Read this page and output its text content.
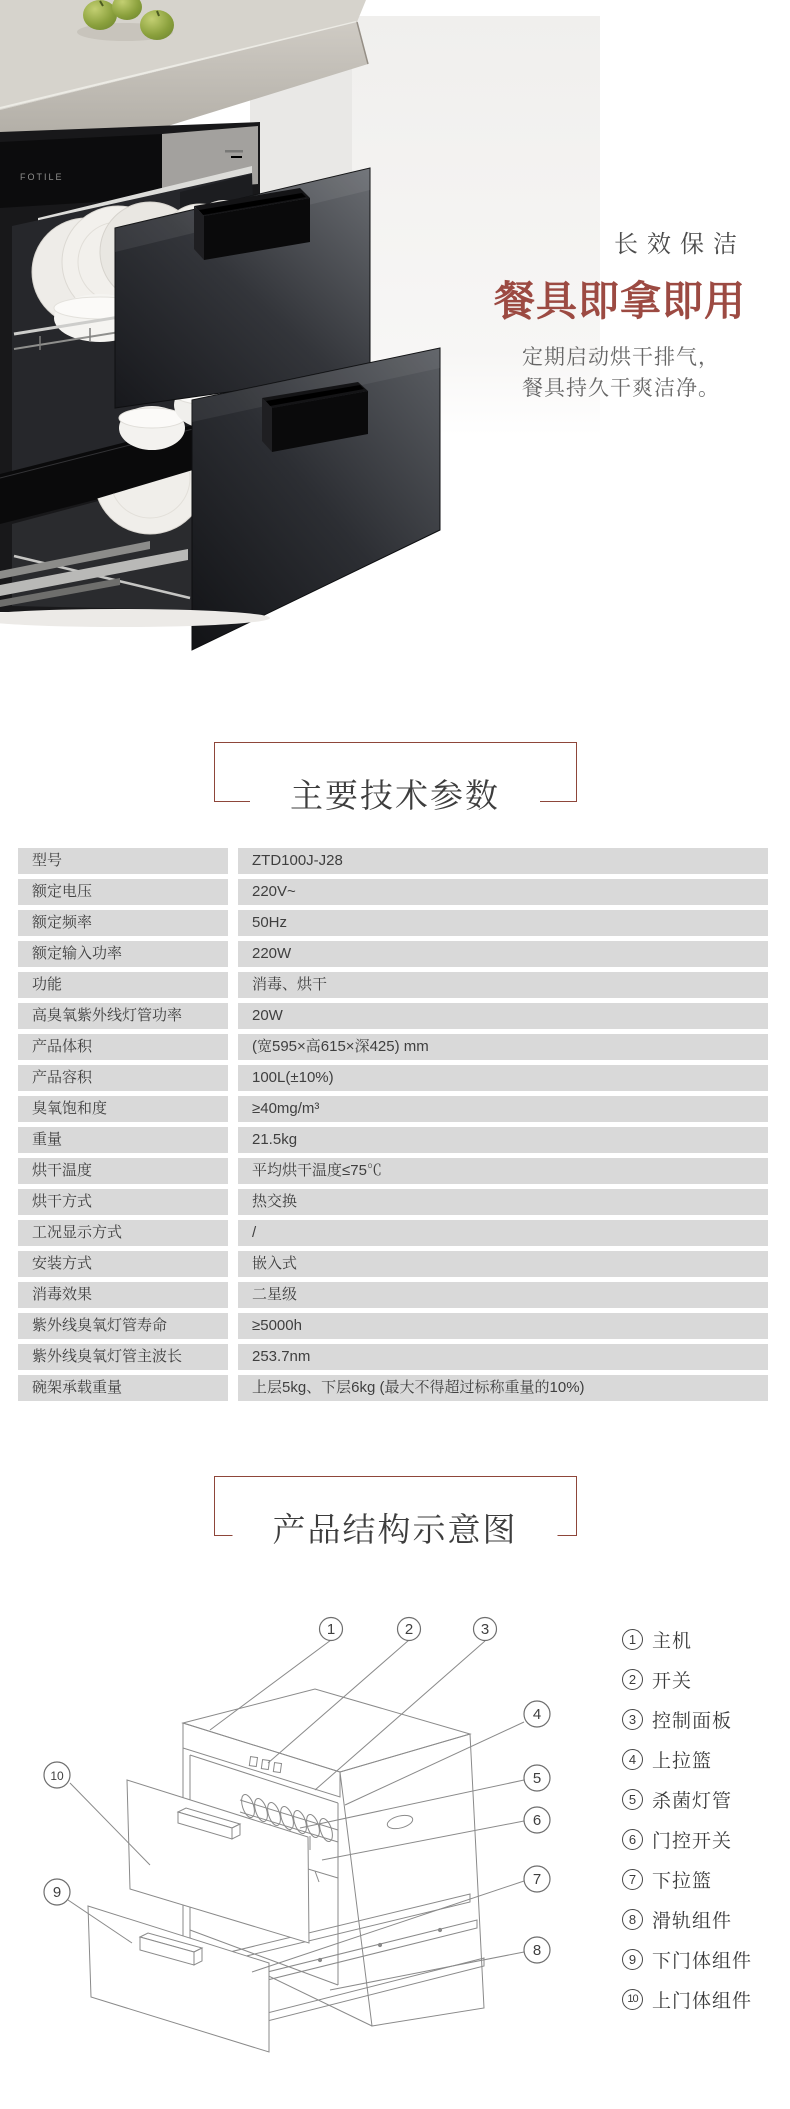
FOTILE
长效保洁
餐具即拿即用

定期启动烘干排气，
餐具持久干爽洁净。

主要技术参数
型号	ZTD100J-J28
额定电压	220V~
额定频率	50Hz
额定输入功率	220W
功能	消毒、烘干
高臭氧紫外线灯管功率	20W
产品体积	(宽595×高615×深425) mm
产品容积	100L(±10%)
臭氧饱和度	≥40mg/m³
重量	21.5kg
烘干温度	平均烘干温度≤75℃
烘干方式	热交换
工况显示方式	/
安装方式	嵌入式
消毒效果	二星级
紫外线臭氧灯管寿命	≥5000h
紫外线臭氧灯管主波长	253.7nm
碗架承载重量	上层5kg、下层6kg (最大不得超过标称重量的10%)
产品结构示意图
1	2	3
4
5
6
7
8
9
10
1 主机
2 开关
3 控制面板
4 上拉篮
5 杀菌灯管
6 门控开关
7 下拉篮
8 滑轨组件
9 下门体组件
10 上门体组件
